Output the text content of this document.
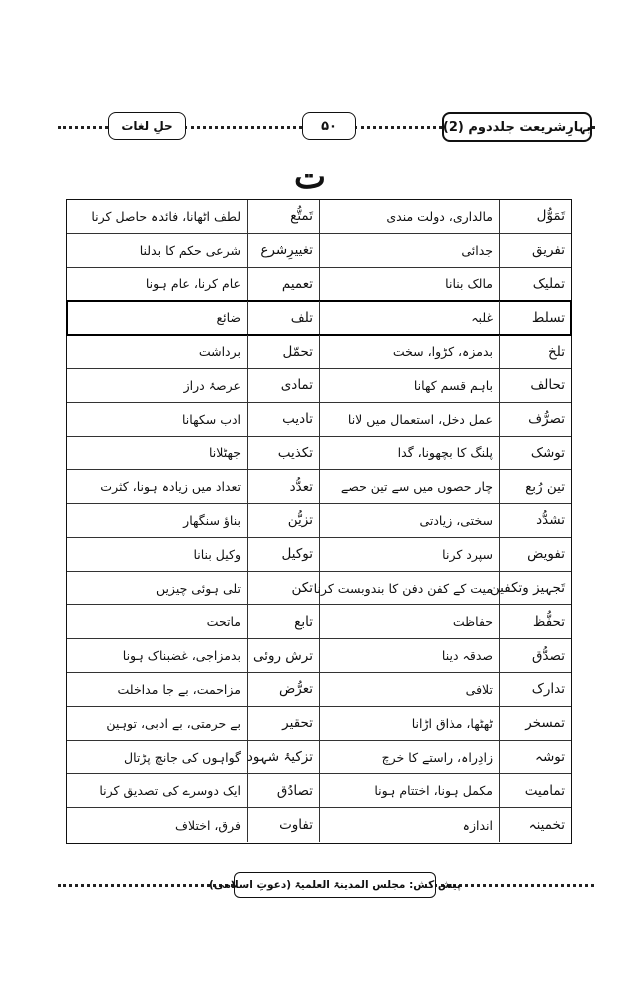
بہارِشریعت جلددوم (2)
۵۰
حلِ لغات
ت
تَمَوُّل
مالداری، دولت مندی
تَمتُّع
لطف اٹھانا، فائدہ حاصل کرنا
تفریق
جدائی
تغییرِشرع
شرعی حکم کا بدلنا
تملیک
مالک بنانا
تعمیم
عام کرنا، عام ہونا
تسلط
غلبہ
تلف
ضائع
تلخ
بدمزہ، کڑوا، سخت
تحمّل
برداشت
تحالف
باہم قسم کھانا
تمادی
عرصۂ دراز
تصرُّف
عمل دخل، استعمال میں لانا
تادیب
ادب سکھانا
توشک
پلنگ کا بچھونا، گدا
تکذیب
جھٹلانا
تین رُبع
چار حصوں میں سے تین حصے
تعدُّد
تعداد میں زیادہ ہونا، کثرت
تشدُّد
سختی، زیادتی
تزیُّن
بناؤ سنگھار
تفویض
سپرد کرنا
توکیل
وکیل بنانا
تَجہیز وتکفین
میت کے کفن دفن کا بندوبست کرنا
تکن
تلی ہوئی چیزیں
تحفُّظ
حفاظت
تابع
ماتحت
تصدُّق
صدقہ دینا
ترش روئی
بدمزاجی، غضبناک ہونا
تدارک
تلافی
تعرُّض
مزاحمت، بے جا مداخلت
تمسخر
ٹھٹھا، مذاق اڑانا
تحقیر
بے حرمتی، بے ادبی، توہین
توشہ
زادِراہ، راستے کا خرچ
تزکیۂ شہود
گواہوں کی جانچ پڑتال
تمامیت
مکمل ہونا، اختتام ہونا
تصادُق
ایک دوسرے کی تصدیق کرنا
تخمینہ
اندازہ
تفاوت
فرق، اختلاف
پیش کش: مجلس المدینۃ العلمیۃ (دعوتِ اسلامی)
